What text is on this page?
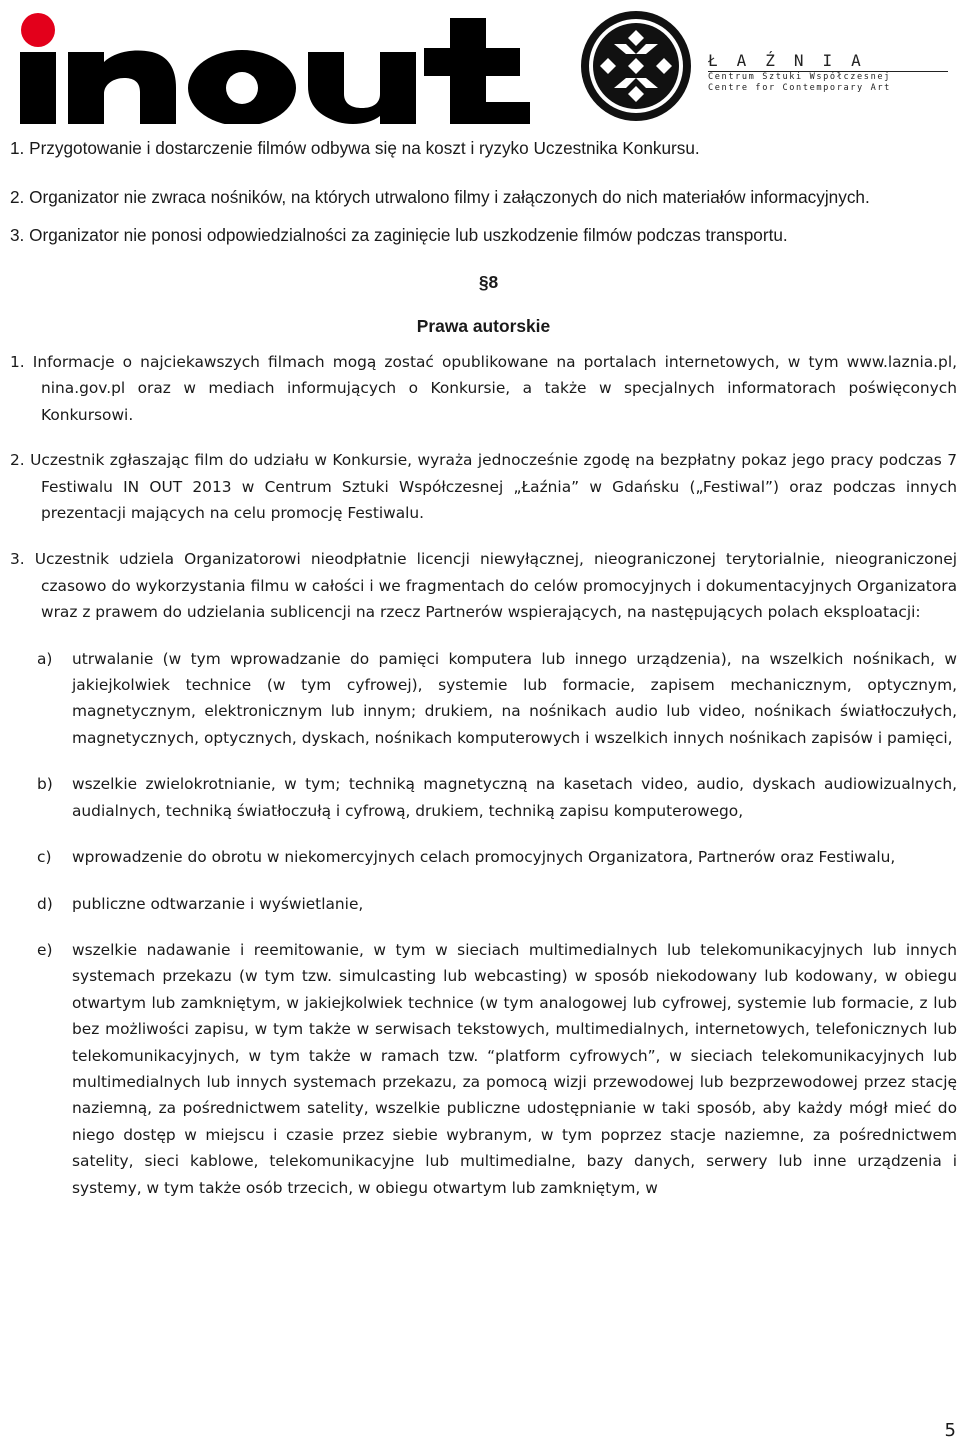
ŁAŹNIA
Centrum Sztuki Współczesnej
Centre for Contemporary Art

1. Przygotowanie i dostarczenie filmów odbywa się na koszt i ryzyko Uczestnika Konkursu.

2. Organizator nie zwraca nośników, na których utrwalono filmy i załączonych do nich materiałów informacyjnych.

3. Organizator nie ponosi odpowiedzialności za zaginięcie lub uszkodzenie filmów podczas transportu.

§8

Prawa autorskie

1. Informacje o najciekawszych filmach mogą zostać opublikowane na portalach internetowych, w tym www.laznia.pl, nina.gov.pl oraz w mediach informujących o Konkursie, a także w specjalnych informatorach poświęconych Konkursowi.

2. Uczestnik zgłaszając film do udziału w Konkursie, wyraża jednocześnie zgodę na bezpłatny pokaz jego pracy podczas 7 Festiwalu IN OUT 2013 w Centrum Sztuki Współczesnej „Łaźnia” w Gdańsku („Festiwal”) oraz podczas innych prezentacji mających na celu promocję Festiwalu.

3. Uczestnik udziela Organizatorowi nieodpłatnie licencji niewyłącznej, nieograniczonej terytorialnie, nieograniczonej czasowo do wykorzystania filmu w całości i we fragmentach do celów promocyjnych i dokumentacyjnych Organizatora wraz z prawem do udzielania sublicencji na rzecz Partnerów wspierających, na następujących polach eksploatacji:

a) utrwalanie (w tym wprowadzanie do pamięci komputera lub innego urządzenia), na wszelkich nośnikach, w jakiejkolwiek technice (w tym cyfrowej), systemie lub formacie, zapisem mechanicznym, optycznym, magnetycznym, elektronicznym lub innym; drukiem, na nośnikach audio lub video, nośnikach światłoczułych, magnetycznych, optycznych, dyskach, nośnikach komputerowych i wszelkich innych nośnikach zapisów i pamięci,
b) wszelkie zwielokrotnianie, w tym; techniką magnetyczną na kasetach video, audio, dyskach audiowizualnych, audialnych, techniką światłoczułą i cyfrową, drukiem, techniką zapisu komputerowego,
c) wprowadzenie do obrotu w niekomercyjnych celach promocyjnych Organizatora, Partnerów oraz Festiwalu,
d) publiczne odtwarzanie i wyświetlanie,
e) wszelkie nadawanie i reemitowanie, w tym w sieciach multimedialnych lub telekomunikacyjnych lub innych systemach przekazu (w tym tzw. simulcasting lub webcasting) w sposób niekodowany lub kodowany, w obiegu otwartym lub zamkniętym, w jakiejkolwiek technice (w tym analogowej lub cyfrowej, systemie lub formacie, z lub bez możliwości zapisu, w tym także w serwisach tekstowych, multimedialnych, internetowych, telefonicznych lub telekomunikacyjnych, w tym także w ramach tzw. “platform cyfrowych”, w sieciach telekomunikacyjnych lub multimedialnych lub innych systemach przekazu, za pomocą wizji przewodowej lub bezprzewodowej przez stację naziemną, za pośrednictwem satelity, wszelkie publiczne udostępnianie w taki sposób, aby każdy mógł mieć do niego dostęp w miejscu i czasie przez siebie wybranym, w tym poprzez stacje naziemne, za pośrednictwem satelity, sieci kablowe, telekomunikacyjne lub multimedialne, bazy danych, serwery lub inne urządzenia i systemy, w tym także osób trzecich, w obiegu otwartym lub zamkniętym, w
5
